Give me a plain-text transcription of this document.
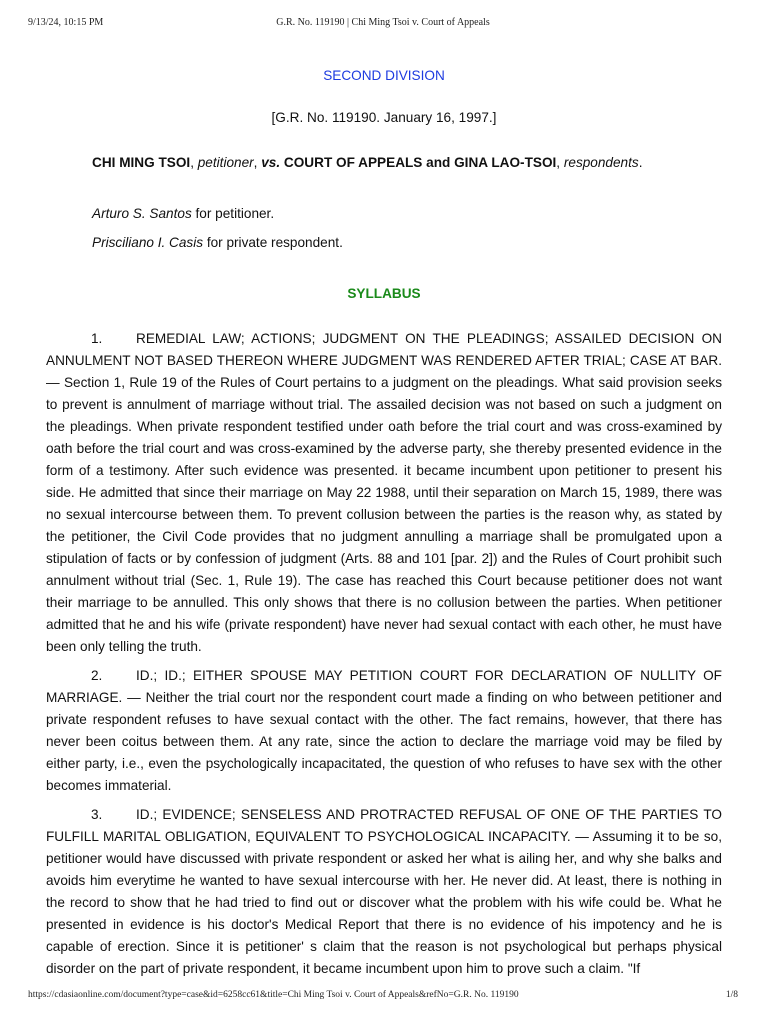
9/13/24, 10:15 PM	G.R. No. 119190 | Chi Ming Tsoi v. Court of Appeals

SECOND DIVISION

[G.R. No. 119190. January 16, 1997.]

CHI MING TSOI, petitioner, vs. COURT OF APPEALS and GINA LAO-TSOI, respondents.

Arturo S. Santos for petitioner.

Prisciliano I. Casis for private respondent.

SYLLABUS

1. REMEDIAL LAW; ACTIONS; JUDGMENT ON THE PLEADINGS; ASSAILED DECISION ON ANNULMENT NOT BASED THEREON WHERE JUDGMENT WAS RENDERED AFTER TRIAL; CASE AT BAR. — Section 1, Rule 19 of the Rules of Court pertains to a judgment on the pleadings. What said provision seeks to prevent is annulment of marriage without trial. The assailed decision was not based on such a judgment on the pleadings. When private respondent testified under oath before the trial court and was cross-examined by oath before the trial court and was cross-examined by the adverse party, she thereby presented evidence in the form of a testimony. After such evidence was presented. it became incumbent upon petitioner to present his side. He admitted that since their marriage on May 22 1988, until their separation on March 15, 1989, there was no sexual intercourse between them. To prevent collusion between the parties is the reason why, as stated by the petitioner, the Civil Code provides that no judgment annulling a marriage shall be promulgated upon a stipulation of facts or by confession of judgment (Arts. 88 and 101 [par. 2]) and the Rules of Court prohibit such annulment without trial (Sec. 1, Rule 19). The case has reached this Court because petitioner does not want their marriage to be annulled. This only shows that there is no collusion between the parties. When petitioner admitted that he and his wife (private respondent) have never had sexual contact with each other, he must have been only telling the truth.

2. ID.; ID.; EITHER SPOUSE MAY PETITION COURT FOR DECLARATION OF NULLITY OF MARRIAGE. — Neither the trial court nor the respondent court made a finding on who between petitioner and private respondent refuses to have sexual contact with the other. The fact remains, however, that there has never been coitus between them. At any rate, since the action to declare the marriage void may be filed by either party, i.e., even the psychologically incapacitated, the question of who refuses to have sex with the other becomes immaterial.

3. ID.; EVIDENCE; SENSELESS AND PROTRACTED REFUSAL OF ONE OF THE PARTIES TO FULFILL MARITAL OBLIGATION, EQUIVALENT TO PSYCHOLOGICAL INCAPACITY. — Assuming it to be so, petitioner would have discussed with private respondent or asked her what is ailing her, and why she balks and avoids him everytime he wanted to have sexual intercourse with her. He never did. At least, there is nothing in the record to show that he had tried to find out or discover what the problem with his wife could be. What he presented in evidence is his doctor's Medical Report that there is no evidence of his impotency and he is capable of erection. Since it is petitioner' s claim that the reason is not psychological but perhaps physical disorder on the part of private respondent, it became incumbent upon him to prove such a claim. "If

https://cdasiaonline.com/document?type=case&id=6258cc61&title=Chi Ming Tsoi v. Court of Appeals&refNo=G.R. No. 119190	1/8
